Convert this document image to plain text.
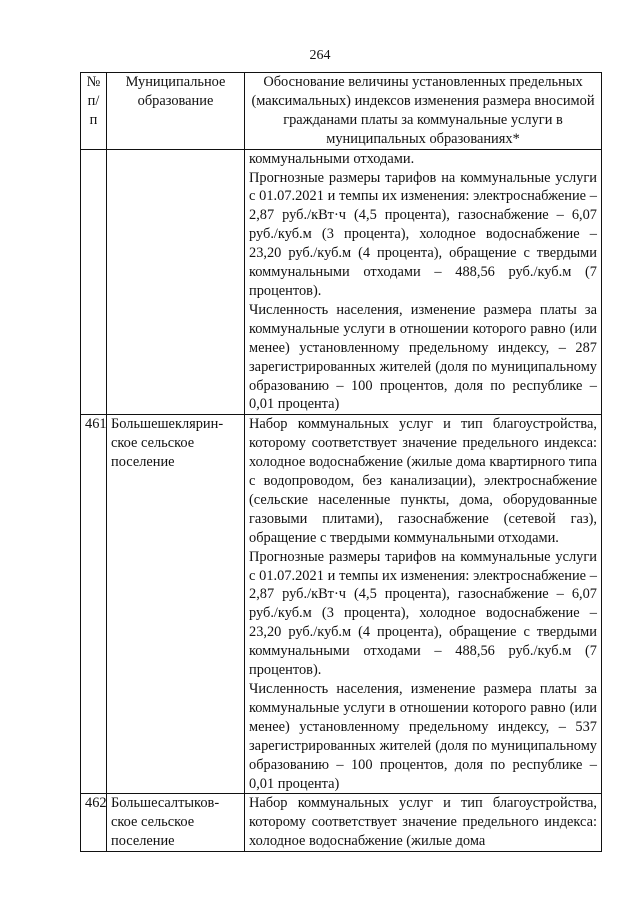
264
№ п/п	Муниципальное образование	Обоснование величины установленных предельных (максимальных) индексов изменения размера вносимой гражданами платы за коммунальные услуги в муниципальных образованиях*

		коммунальными отходами.
Прогнозные размеры тарифов на коммунальные услуги с 01.07.2021 и темпы их изменения: электроснабжение – 2,87 руб./кВт·ч (4,5 процента), газоснабжение – 6,07 руб./куб.м (3 процента), холодное водоснабжение – 23,20 руб./куб.м (4 процента), обращение с твердыми коммунальными отходами – 488,56 руб./куб.м (7 процентов).
Численность населения, изменение размера платы за коммунальные услуги в отношении которого равно (или менее) установленному предельному индексу, – 287 зарегистрированных жителей (доля по муниципальному образованию – 100 процентов, доля по республике – 0,01 процента)

461	Большешекляринское сельское поселение	Набор коммунальных услуг и тип благоустройства, которому соответствует значение предельного индекса: холодное водоснабжение (жилые дома квартирного типа с водопроводом, без канализации), электроснабжение (сельские населенные пункты, дома, оборудованные газовыми плитами), газоснабжение (сетевой газ), обращение с твердыми коммунальными отходами.
Прогнозные размеры тарифов на коммунальные услуги с 01.07.2021 и темпы их изменения: электроснабжение – 2,87 руб./кВт·ч (4,5 процента), газоснабжение – 6,07 руб./куб.м (3 процента), холодное водоснабжение – 23,20 руб./куб.м (4 процента), обращение с твердыми коммунальными отходами – 488,56 руб./куб.м (7 процентов).
Численность населения, изменение размера платы за коммунальные услуги в отношении которого равно (или менее) установленному предельному индексу, – 537 зарегистрированных жителей (доля по муниципальному образованию – 100 процентов, доля по республике – 0,01 процента)

462	Большесалтыковское сельское поселение	Набор коммунальных услуг и тип благоустройства, которому соответствует значение предельного индекса: холодное водоснабжение (жилые дома
